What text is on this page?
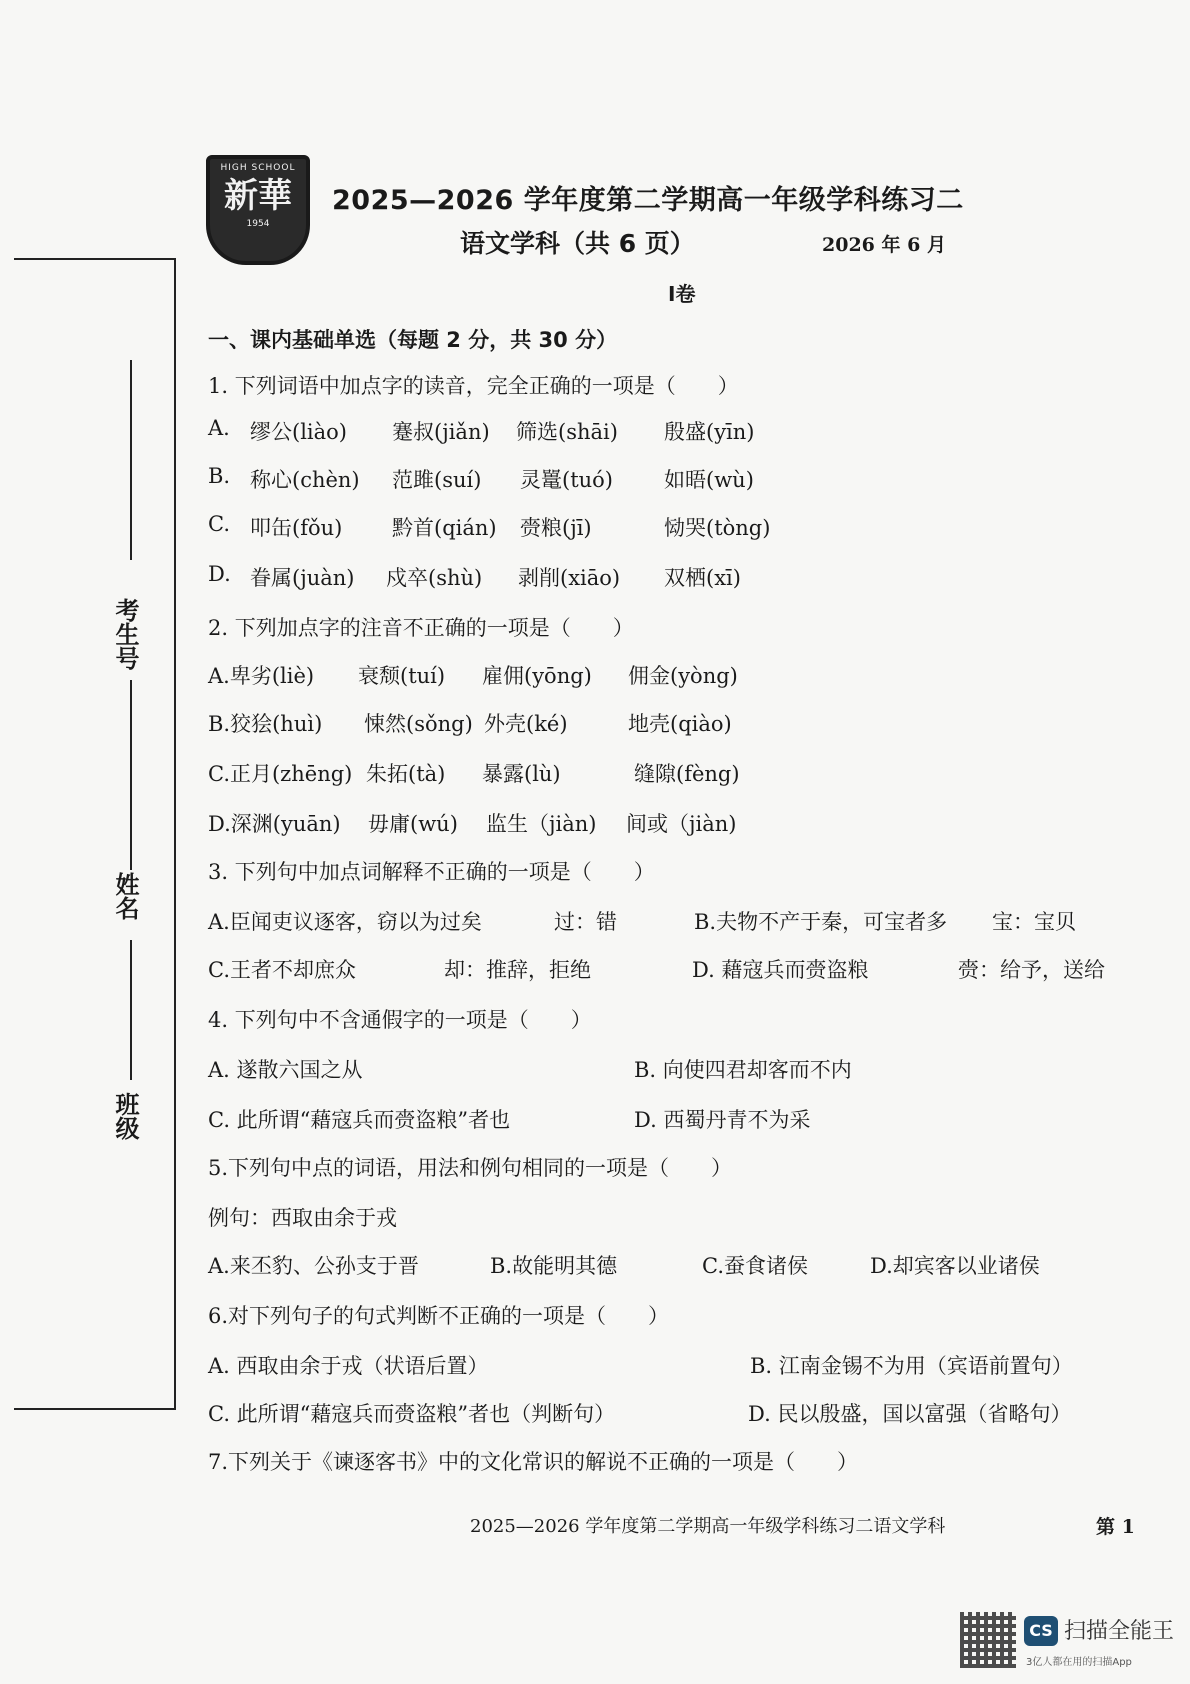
考生号
姓名
班级
HIGH SCHOOL
新華
1954
2025—2026 学年度第二学期高一年级学科练习二
语文学科（共 6 页）	2026 年 6 月
Ⅰ卷
一、课内基础单选（每题 2 分，共 30 分）
1. 下列词语中加点字的读音，完全正确的一项是（　　）
A. 缪公(liào) 蹇叔(jiǎn) 筛选(shāi) 殷盛(yīn)
B. 称心(chèn) 范雎(suí) 灵鼍(tuó) 如晤(wù)
C. 叩缶(fǒu) 黔首(qián) 赍粮(jī)	恸哭(tòng)
D. 眷属(juàn) 戍卒(shù) 剥削(xiāo) 双栖(xī)
2. 下列加点字的注音不正确的一项是（　　）
A.卑劣(liè) 衰颓(tuí) 雇佣(yōng) 佣金(yòng)
B.狡狯(huì) 悚然(sǒng) 外壳(ké)	地壳(qiào)
C.正月(zhēng) 朱拓(tà) 暴露(lù)	缝隙(fèng)
D.深渊(yuān) 毋庸(wú) 监生（jiàn) 间或（jiàn)
3. 下列句中加点词解释不正确的一项是（　　）
A.臣闻吏议逐客，窃以为过矣	过：错	B.夫物不产于秦，可宝者多 宝：宝贝
C.王者不却庶众	却：推辞，拒绝	D. 藉寇兵而赍盗粮	赍：给予，送给
4. 下列句中不含通假字的一项是（　　）
A. 遂散六国之从	B. 向使四君却客而不内
C. 此所谓“藉寇兵而赍盗粮”者也	D. 西蜀丹青不为采
5.下列句中点的词语，用法和例句相同的一项是（　　）
例句：西取由余于戎
A.来丕豹、公孙支于晋	B.故能明其德	C.蚕食诸侯	D.却宾客以业诸侯
6.对下列句子的句式判断不正确的一项是（　　）
A. 西取由余于戎（状语后置）	B. 江南金锡不为用（宾语前置句）
C. 此所谓“藉寇兵而赍盗粮”者也（判断句）	D. 民以殷盛，国以富强（省略句）
7.下列关于《谏逐客书》中的文化常识的解说不正确的一项是（　　）
2025—2026 学年度第二学期高一年级学科练习二语文学科	第 1
CS 扫描全能王
3亿人都在用的扫描App
